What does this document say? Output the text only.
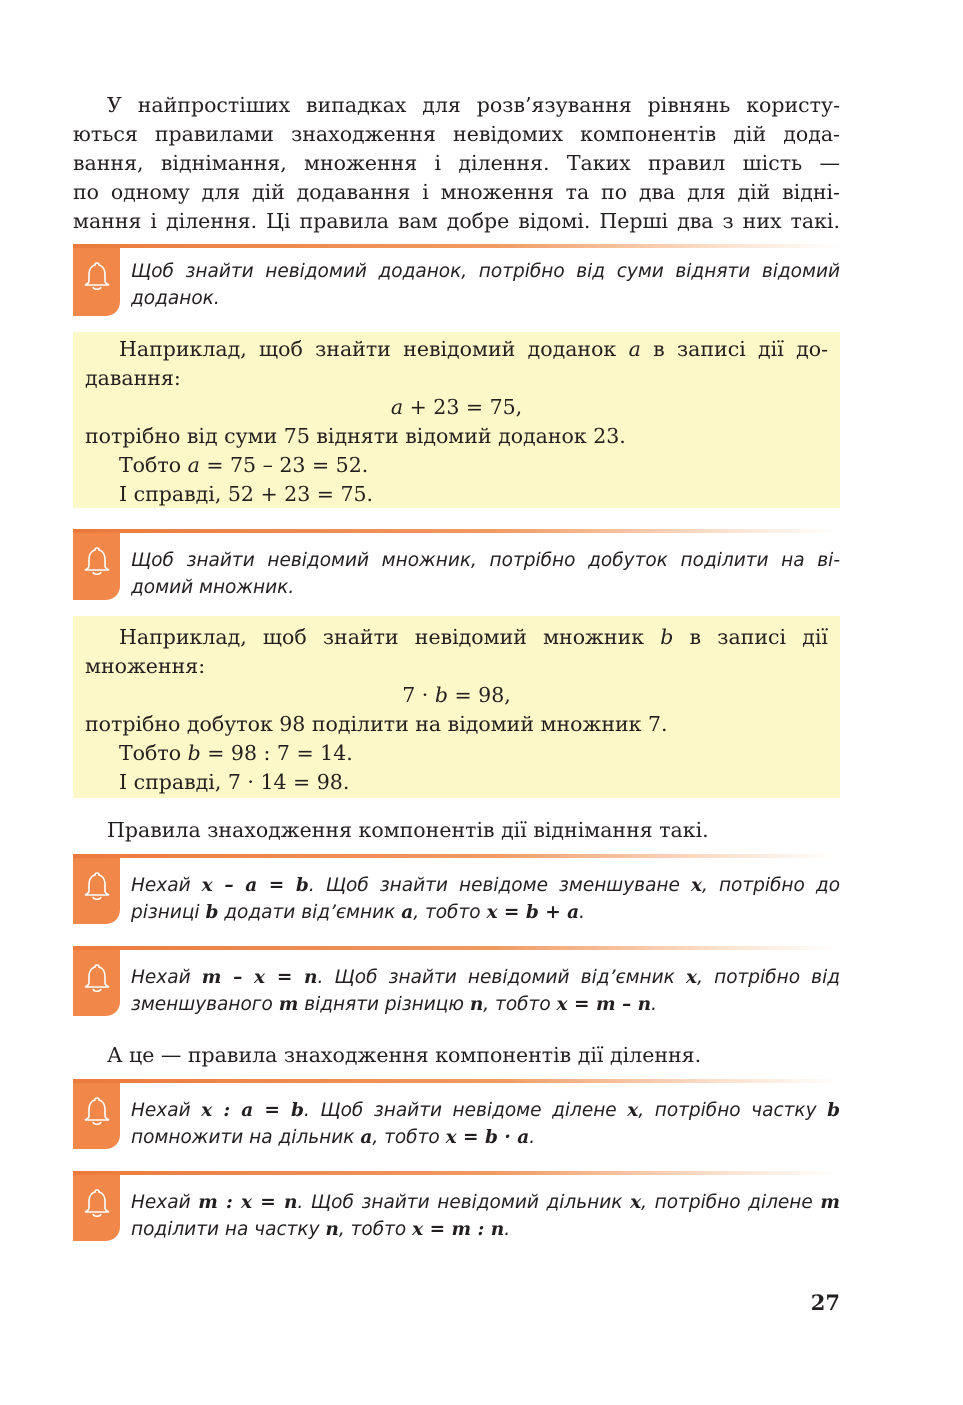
У найпростіших випадках для розв’язування рівнянь користу-
ються правилами знаходження невідомих компонентів дій дода-
вання, віднімання, множення і ділення. Таких правил шість —
по одному для дій додавання і множення та по два для дій відні-
мання і ділення. Ці правила вам добре відомі. Перші два з них такі.
Щоб знайти невідомий доданок, потрібно від суми відняти відомий
доданок.
Наприклад, щоб знайти невідомий доданок a в записі дії до-
давання:
a + 23 = 75,
потрібно від суми 75 відняти відомий доданок 23.
Тобто a = 75 – 23 = 52.
І справді, 52 + 23 = 75.
Щоб знайти невідомий множник, потрібно добуток поділити на ві-
домий множник.
Наприклад, щоб знайти невідомий множник b в записі дії
множення:
7 · b = 98,
потрібно добуток 98 поділити на відомий множник 7.
Тобто b = 98 : 7 = 14.
І справді, 7 · 14 = 98.
Правила знаходження компонентів дії віднімання такі.
Нехай x – a = b. Щоб знайти невідоме зменшуване x, потрібно до
різниці b додати від’ємник a, тобто x = b + a.
Нехай m – x = n. Щоб знайти невідомий від’ємник x, потрібно від
зменшуваного m відняти різницю n, тобто x = m – n.
А це — правила знаходження компонентів дії ділення.
Нехай x : a = b. Щоб знайти невідоме ділене x, потрібно частку b
помножити на дільник a, тобто x = b · a.
Нехай m : x = n. Щоб знайти невідомий дільник x, потрібно ділене m
поділити на частку n, тобто x = m : n.
27
